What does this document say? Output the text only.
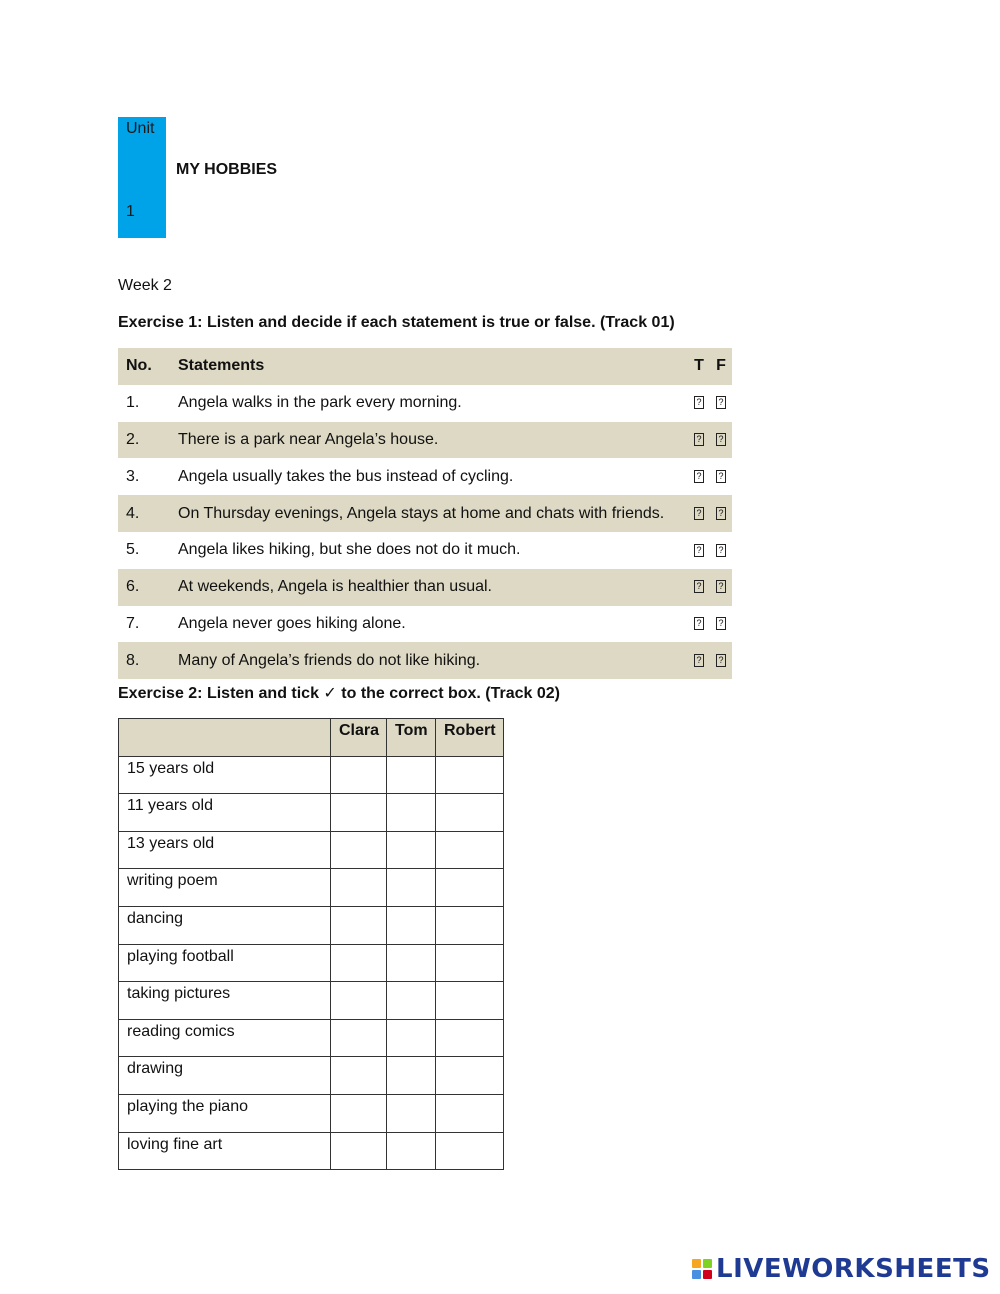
Unit
1
MY HOBBIES
Week 2
Exercise 1: Listen and decide if each statement is true or false. (Track 01)
No.	Statements	T	F
1.	Angela walks in the park every morning.	?	?
2.	There is a park near Angela’s house.	?	?
3.	Angela usually takes the bus instead of cycling.	?	?
4.	On Thursday evenings, Angela stays at home and chats with friends.	?	?
5.	Angela likes hiking, but she does not do it much.	?	?
6.	At weekends, Angela is healthier than usual.	?	?
7.	Angela never goes hiking alone.	?	?
8.	Many of Angela’s friends do not like hiking.	?	?
Exercise 2: Listen and tick ✓ to the correct box. (Track 02)
	Clara	Tom	Robert
15 years old			
11 years old			
13 years old			
writing poem			
dancing			
playing football			
taking pictures			
reading comics			
drawing			
playing the piano			
loving fine art			
LIVEWORKSHEETS
